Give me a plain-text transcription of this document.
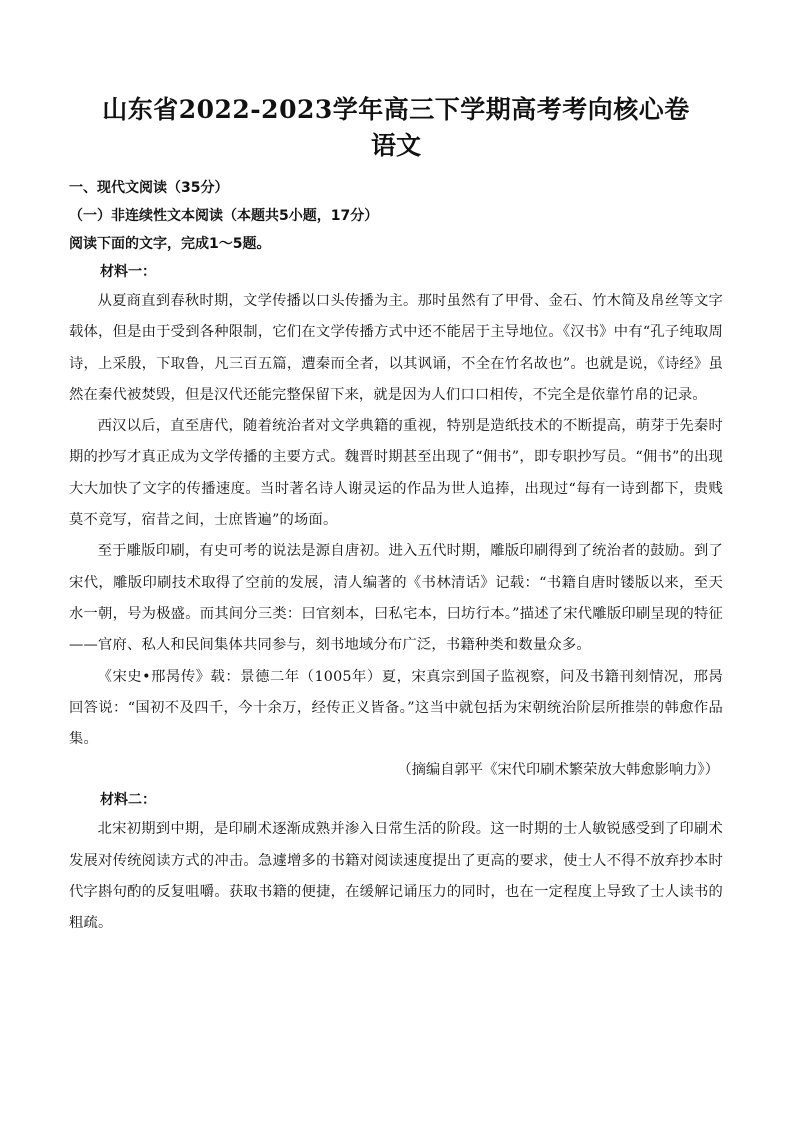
山东省2022-2023学年高三下学期高考考向核心卷
语文

一、现代文阅读（35分）

（一）非连续性文本阅读（本题共5小题，17分）

阅读下面的文字，完成1～5题。

材料一：

从夏商直到春秋时期，文学传播以口头传播为主。那时虽然有了甲骨、金石、竹木简及帛丝等文字载体，但是由于受到各种限制，它们在文学传播方式中还不能居于主导地位。《汉书》中有“孔子纯取周诗，上采殷，下取鲁，凡三百五篇，遭秦而全者，以其讽诵，不全在竹名故也”。也就是说，《诗经》虽然在秦代被焚毁，但是汉代还能完整保留下来，就是因为人们口口相传，不完全是依靠竹帛的记录。

西汉以后，直至唐代，随着统治者对文学典籍的重视，特别是造纸技术的不断提高，萌芽于先秦时期的抄写才真正成为文学传播的主要方式。魏晋时期甚至出现了“佣书”，即专职抄写员。“佣书”的出现大大加快了文字的传播速度。当时著名诗人谢灵运的作品为世人追捧，出现过“每有一诗到都下，贵贱莫不竞写，宿昔之间，士庶皆遍”的场面。

至于雕版印刷，有史可考的说法是源自唐初。进入五代时期，雕版印刷得到了统治者的鼓励。到了宋代，雕版印刷技术取得了空前的发展，清人编著的《书林清话》记载：“书籍自唐时镂版以来，至天水一朝，号为极盛。而其间分三类：曰官刻本，曰私宅本，曰坊行本。”描述了宋代雕版印刷呈现的特征——官府、私人和民间集体共同参与，刻书地域分布广泛，书籍种类和数量众多。

《宋史•邢昺传》载：景德二年（1005年）夏，宋真宗到国子监视察，问及书籍刊刻情况，邢昺回答说：“国初不及四千，今十余万，经传正义皆备。”这当中就包括为宋朝统治阶层所推崇的韩愈作品集。

（摘编自郭平《宋代印刷术繁荣放大韩愈影响力》）

材料二：

北宋初期到中期，是印刷术逐渐成熟并渗入日常生活的阶段。这一时期的士人敏锐感受到了印刷术发展对传统阅读方式的冲击。急遽增多的书籍对阅读速度提出了更高的要求，使士人不得不放弃抄本时代字斟句酌的反复咀嚼。获取书籍的便捷，在缓解记诵压力的同时，也在一定程度上导致了士人读书的粗疏。
